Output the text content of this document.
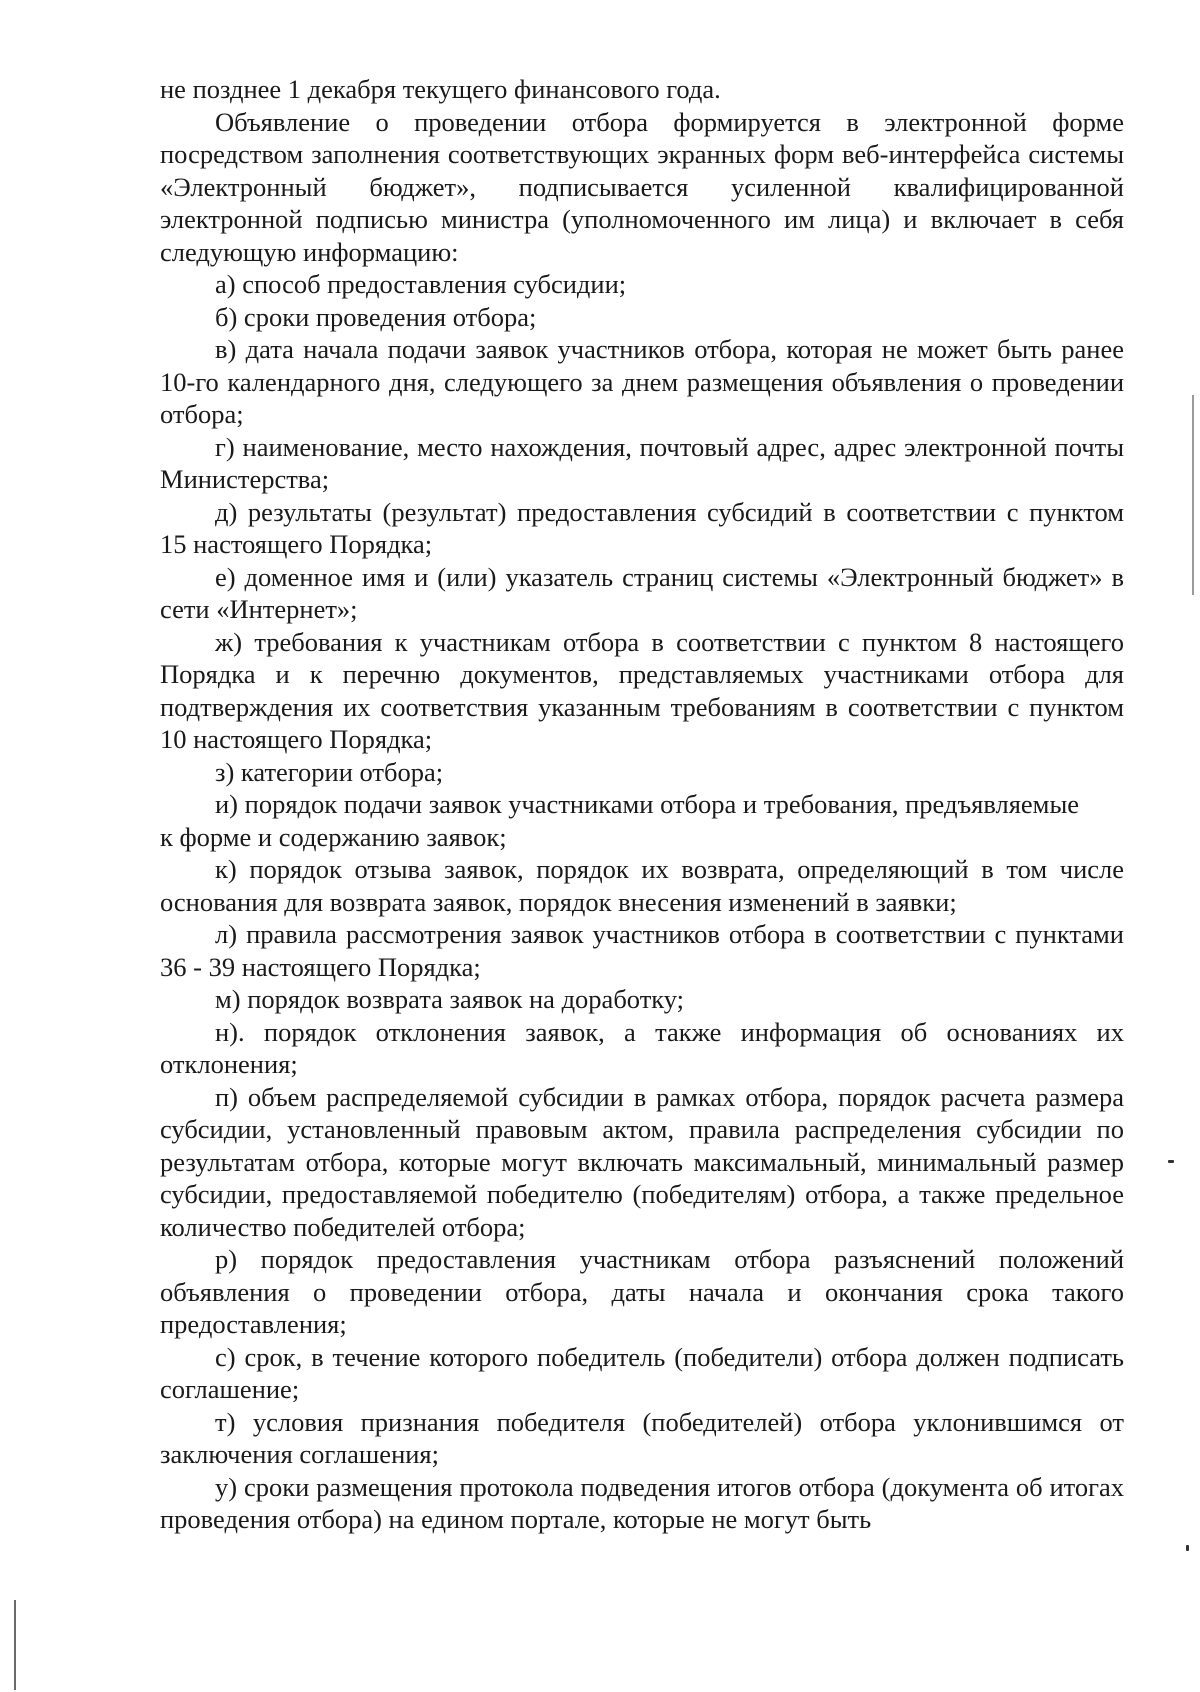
не позднее 1 декабря текущего финансового года.

Объявление о проведении отбора формируется в электронной форме посредством заполнения соответствующих экранных форм веб-интерфейса системы «Электронный бюджет», подписывается усиленной квалифицированной электронной подписью министра (уполномоченного им лица) и включает в себя следующую информацию:

а) способ предоставления субсидии;

б) сроки проведения отбора;

в) дата начала подачи заявок участников отбора, которая не может быть ранее 10-го календарного дня, следующего за днем размещения объявления о проведении отбора;

г) наименование, место нахождения, почтовый адрес, адрес электронной почты Министерства;

д) результаты (результат) предоставления субсидий в соответствии с пунктом 15 настоящего Порядка;

е) доменное имя и (или) указатель страниц системы «Электронный бюджет» в сети «Интернет»;

ж) требования к участникам отбора в соответствии с пунктом 8 настоящего Порядка и к перечню документов, представляемых участниками отбора для подтверждения их соответствия указанным требованиям в соответствии с пунктом 10 настоящего Порядка;

з) категории отбора;

и) порядок подачи заявок участниками отбора и требования, предъявляемые

к форме и содержанию заявок;

к) порядок отзыва заявок, порядок их возврата, определяющий в том числе основания для возврата заявок, порядок внесения изменений в заявки;

л) правила рассмотрения заявок участников отбора в соответствии с пунктами 36 - 39 настоящего Порядка;

м) порядок возврата заявок на доработку;

н). порядок отклонения заявок, а также информация об основаниях их отклонения;

п) объем распределяемой субсидии в рамках отбора, порядок расчета размера субсидии, установленный правовым актом, правила распределения субсидии по результатам отбора, которые могут включать максимальный, минимальный размер субсидии, предоставляемой победителю (победителям) отбора, а также предельное количество победителей отбора;

р) порядок предоставления участникам отбора разъяснений положений объявления о проведении отбора, даты начала и окончания срока такого предоставления;

с) срок, в течение которого победитель (победители) отбора должен подписать соглашение;

т) условия признания победителя (победителей) отбора уклонившимся от заключения соглашения;

у) сроки размещения протокола подведения итогов отбора (документа об итогах проведения отбора) на едином портале, которые не могут быть
